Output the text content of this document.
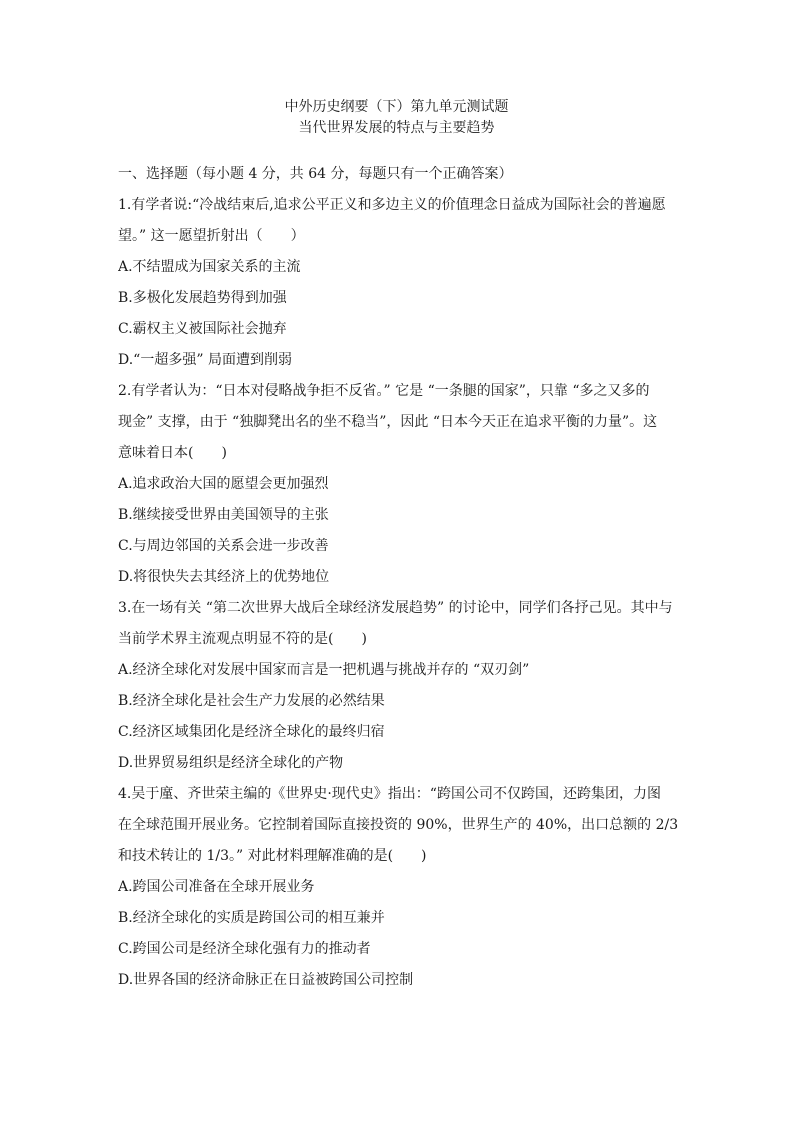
中外历史纲要（下）第九单元测试题
当代世界发展的特点与主要趋势
一、选择题（每小题 4 分，共 64 分，每题只有一个正确答案）
1.有学者说:“冷战结束后,追求公平正义和多边主义的价值理念日益成为国际社会的普遍愿
望。” 这一愿望折射出（　　）
A.不结盟成为国家关系的主流
B.多极化发展趋势得到加强
C.霸权主义被国际社会抛弃
D.“一超多强” 局面遭到削弱
2.有学者认为：“日本对侵略战争拒不反省。” 它是 “一条腿的国家”，只靠 “多之又多的
现金” 支撑，由于 “独脚凳出名的坐不稳当”，因此 “日本今天正在追求平衡的力量”。这
意味着日本(　　)
A.追求政治大国的愿望会更加强烈
B.继续接受世界由美国领导的主张
C.与周边邻国的关系会进一步改善
D.将很快失去其经济上的优势地位
3.在一场有关 “第二次世界大战后全球经济发展趋势” 的讨论中，同学们各抒己见。其中与
当前学术界主流观点明显不符的是(　　)
A.经济全球化对发展中国家而言是一把机遇与挑战并存的 “双刃剑”
B.经济全球化是社会生产力发展的必然结果
C.经济区域集团化是经济全球化的最终归宿
D.世界贸易组织是经济全球化的产物
4.吴于廑、齐世荣主编的《世界史·现代史》指出：“跨国公司不仅跨国，还跨集团，力图
在全球范围开展业务。它控制着国际直接投资的 90%，世界生产的 40%，出口总额的 2/3
和技术转让的 1/3。” 对此材料理解准确的是(　　)
A.跨国公司准备在全球开展业务
B.经济全球化的实质是跨国公司的相互兼并
C.跨国公司是经济全球化强有力的推动者
D.世界各国的经济命脉正在日益被跨国公司控制
